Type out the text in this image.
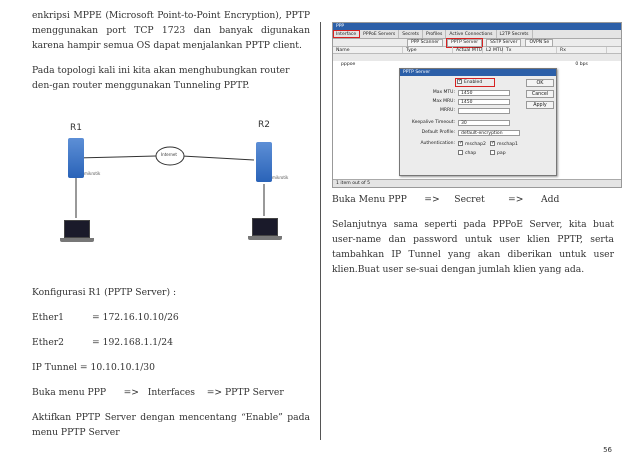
enkripsi MPPE (Microsoft Point-to-Point Encryption), PPTP menggunakan port TCP 1723 dan banyak digunakan karena hampir semua OS dapat menjalankan PPTP client.

Pada topologi kali ini kita akan menghubungkan router den-gan router menggunakan Tunneling PPTP.

R1	R2
Internet
mikrotik
mikrotik

Konfigurasi R1 (PPTP Server) :

Ether1	= 172.16.10.10/26

Ether2	= 192.168.1.1/24

IP Tunnel = 10.10.10.1/30

Buka menu PPP      =>   Interfaces    => PPTP Server

Aktifkan PPTP Server dengan mencentang “Enable” pada menu PPTP Server

PPP
Interface	PPPoE Servers	Secrets	Profiles	Active Connections	L2TP Secrets
PPP Scanner	PPTP Server	SSTP Server	OVPN Se
Name	Type	Actual MTU L2 MTU Tx	Rx
pppoe	0 bps
1 item out of 5
PPTP Server
✓Enabled
Max MTU:	1450
Max MRU:	1450
MRRU:
Keepalive Timeout:	30
Default Profile:	default-encryption
Authentication: ✓	mschap2 ✓	mschap1
chap	pap
OK
Cancel
Apply

Buka Menu PPP      =>     Secret        =>      Add

Selanjutnya sama seperti pada PPPoE Server, kita buat user-name dan password untuk user klien PPTP, serta tambahkan IP Tunnel yang akan diberikan untuk user klien.Buat user se-suai dengan jumlah klien yang ada.

56
